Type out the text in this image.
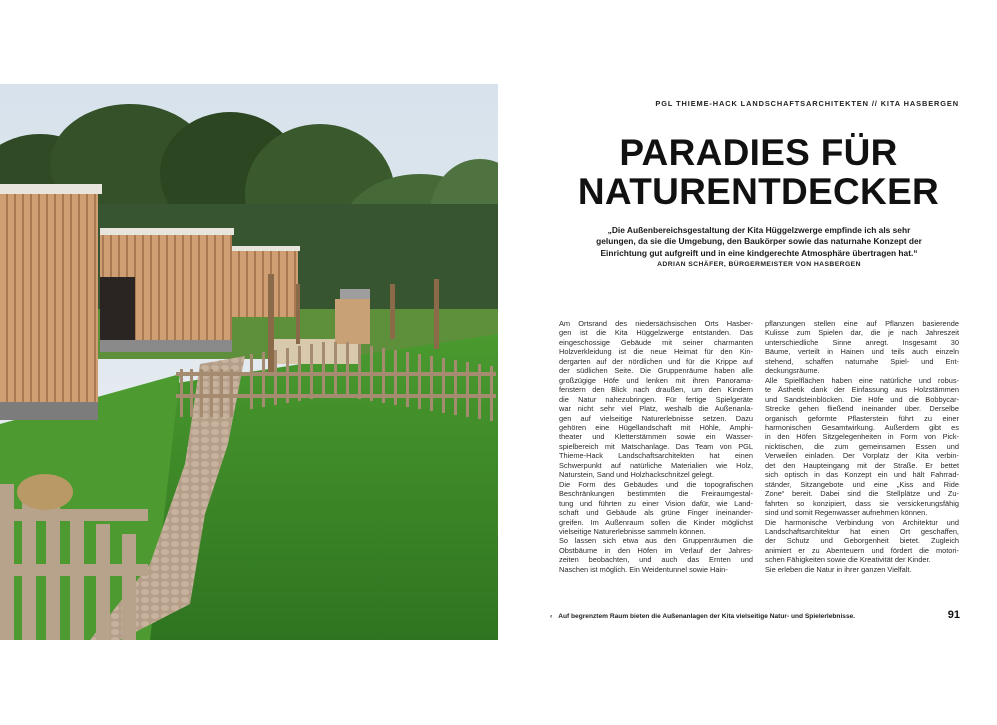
PGL THIEME-HACK LANDSCHAFTSARCHITEKTEN // KITA HASBERGEN
PARADIES FÜR
NATURENTDECKER
„Die Außenbereichsgestaltung der Kita Hüggelzwerge empfinde ich als sehr
gelungen, da sie die Umgebung, den Baukörper sowie das naturnahe Konzept der
Einrichtung gut aufgreift und in eine kindgerechte Atmosphäre übertragen hat.“
ADRIAN SCHÄFER, BÜRGERMEISTER VON HASBERGEN
Am Ortsrand des niedersächsischen Orts Hasber-
gen ist die Kita Hüggelzwerge entstanden. Das
eingeschossige Gebäude mit seiner charmanten
Holzverkleidung ist die neue Heimat für den Kin-
dergarten auf der nördlichen und für die Krippe auf
der südlichen Seite. Die Gruppenräume haben alle
großzügige Höfe und lenken mit ihren Panorama-
fenstern den Blick nach draußen, um den Kindern
die Natur nahezubringen. Für fertige Spielgeräte
war nicht sehr viel Platz, weshalb die Außenanla-
gen auf vielseitige Naturerlebnisse setzen. Dazu
gehören eine Hügellandschaft mit Höhle, Amphi-
theater und Kletterstämmen sowie ein Wasser-
spielbereich mit Matschanlage. Das Team von PGL
Thieme-Hack Landschaftsarchitekten hat einen
Schwerpunkt auf natürliche Materialien wie Holz,
Naturstein, Sand und Holzhackschnitzel gelegt.
Die Form des Gebäudes und die topografischen
Beschränkungen bestimmten die Freiraumgestal-
tung und führten zu einer Vision dafür, wie Land-
schaft und Gebäude als grüne Finger ineinander-
greifen. Im Außenraum sollen die Kinder möglichst
vielseitige Naturerlebnisse sammeln können.
So lassen sich etwa aus den Gruppenräumen die
Obstbäume in den Höfen im Verlauf der Jahres-
zeiten beobachten, und auch das Ernten und
Naschen ist möglich. Ein Weidentunnel sowie Hain-
pflanzungen stellen eine auf Pflanzen basierende
Kulisse zum Spielen dar, die je nach Jahreszeit
unterschiedliche Sinne anregt. Insgesamt 30
Bäume, verteilt in Hainen und teils auch einzeln
stehend, schaffen naturnahe Spiel- und Ent-
deckungsräume.
Alle Spielflächen haben eine natürliche und robus-
te Ästhetik dank der Einfassung aus Holzstämmen
und Sandsteinblöcken. Die Höfe und die Bobbycar-
Strecke gehen fließend ineinander über. Derselbe
organisch geformte Pflasterstein führt zu einer
harmonischen Gesamtwirkung. Außerdem gibt es
in den Höfen Sitzgelegenheiten in Form von Pick-
nicktischen, die zum gemeinsamen Essen und
Verweilen einladen. Der Vorplatz der Kita verbin-
det den Haupteingang mit der Straße. Er bettet
sich optisch in das Konzept ein und hält Fahrrad-
ständer, Sitzangebote und eine „Kiss and Ride
Zone“ bereit. Dabei sind die Stellplätze und Zu-
fahrten so konzipiert, dass sie versickerungsfähig
sind und somit Regenwasser aufnehmen können.
Die harmonische Verbindung von Architektur und
Landschaftsarchitektur hat einen Ort geschaffen,
der Schutz und Geborgenheit bietet. Zugleich
animiert er zu Abenteuern und fördert die motori-
schen Fähigkeiten sowie die Kreativität der Kinder.
Sie erleben die Natur in ihrer ganzen Vielfalt.
‹ Auf begrenztem Raum bieten die Außenanlagen der Kita vielseitige Natur- und Spielerlebnisse.	91
